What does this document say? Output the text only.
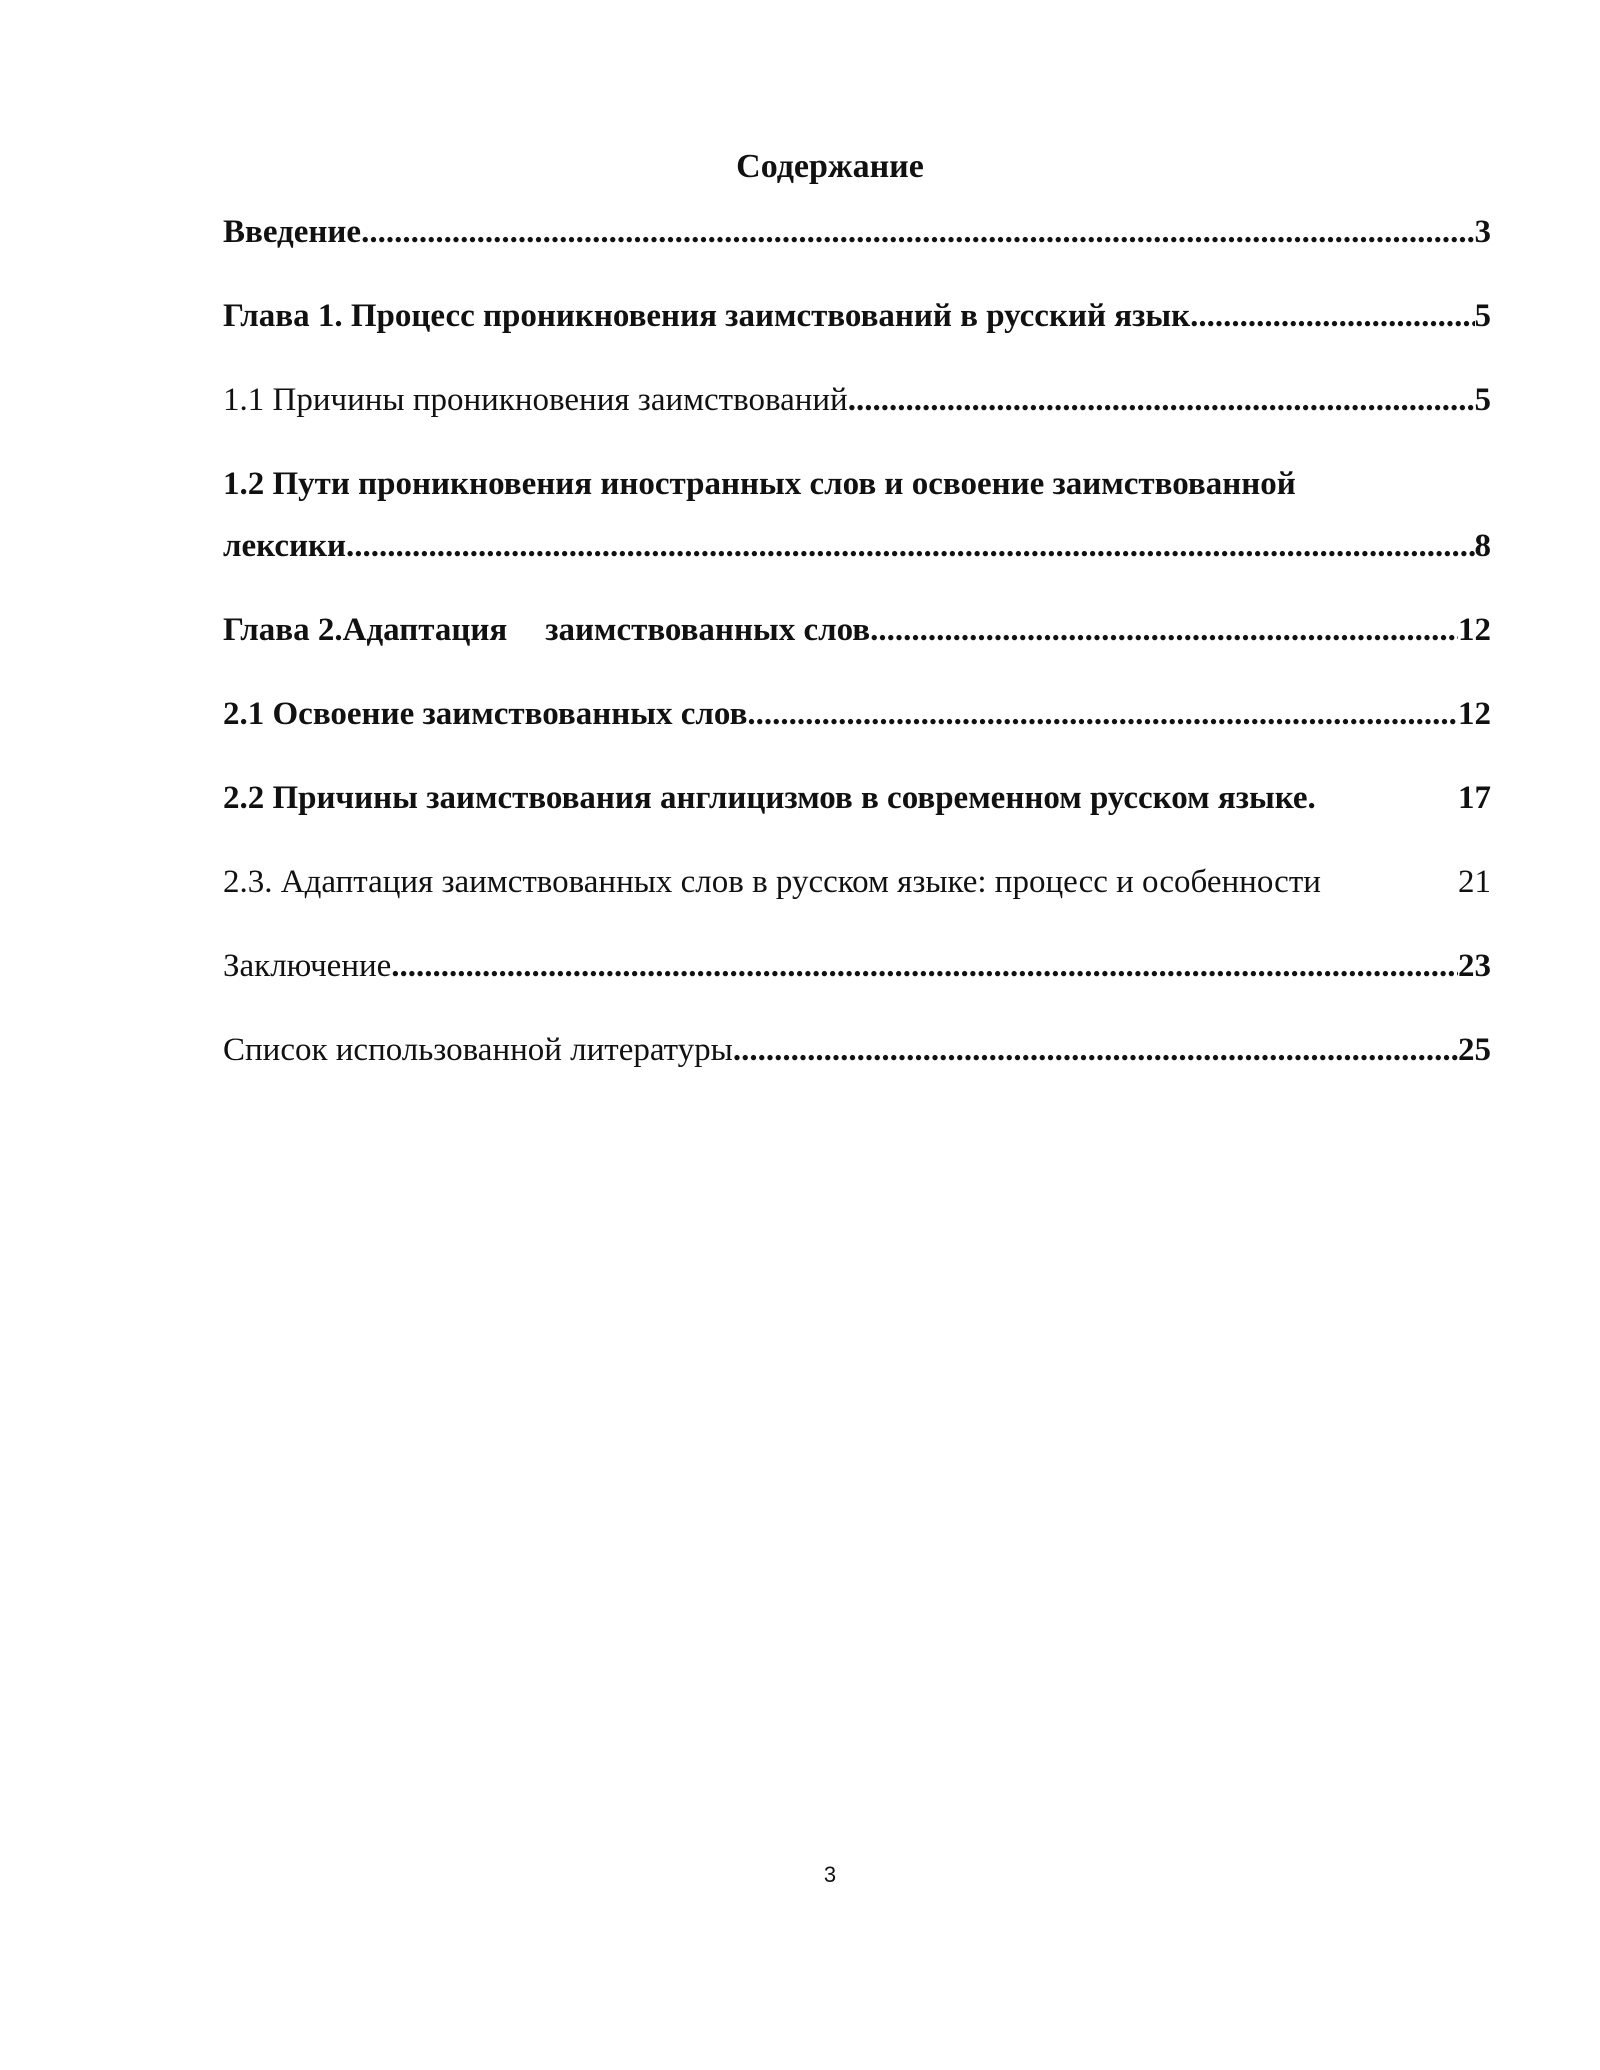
Содержание
Введение .....	3
Глава 1. Процесс проникновения заимствований в русский язык .....	5
1.1 Причины проникновения заимствований .....	5
1.2 Пути проникновения иностранных слов и освоение заимствованной
лексики .....	8
Глава 2.Адаптация заимствованных слов .....	12
2.1 Освоение заимствованных слов .....	12
2.2 Причины заимствования англицизмов в современном русском языке.	17
2.3. Адаптация заимствованных слов в русском языке: процесс и особенности	21
Заключение .....	23
Список использованной литературы .....	25
3
